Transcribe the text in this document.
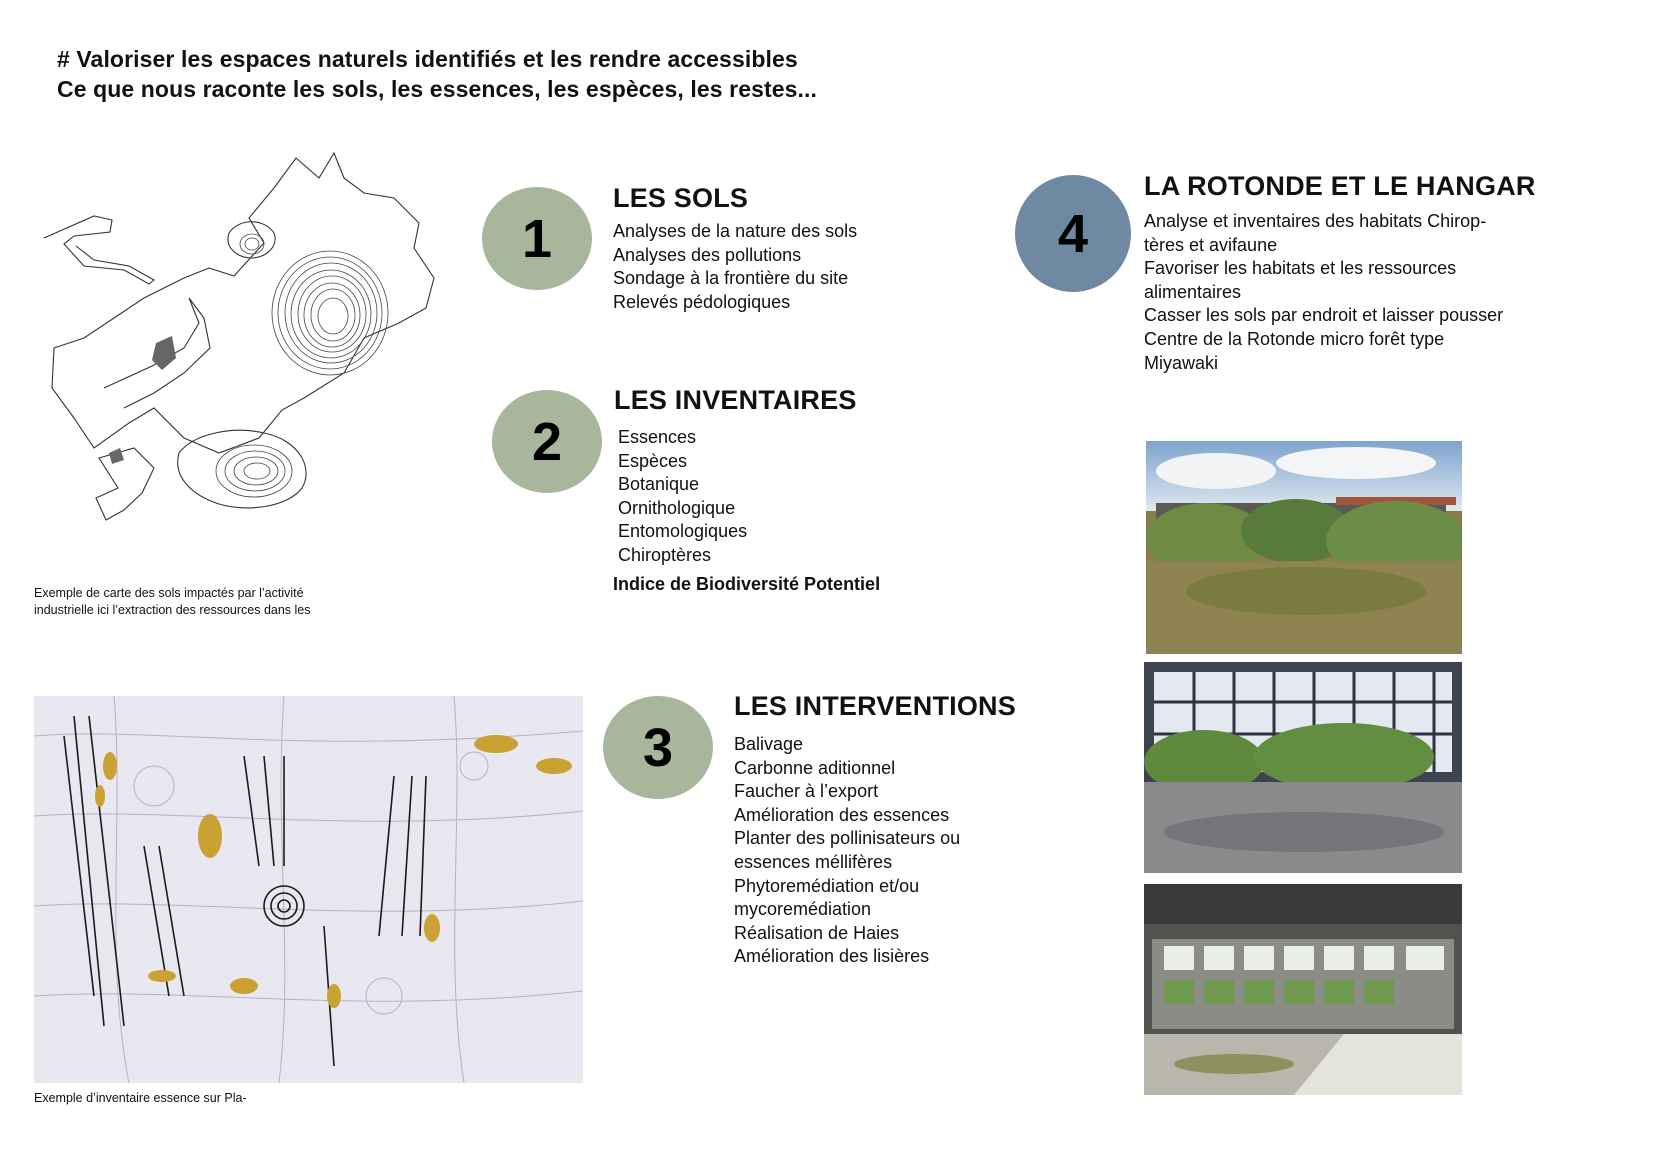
# Valoriser les espaces naturels identifiés et les rendre accessibles
Ce que nous raconte les sols, les essences, les espèces, les restes...
Exemple de carte des sols impactés par l’activité
industrielle ici l’extraction des ressources dans les
1
LES SOLS
Analyses de la nature des sols
Analyses des pollutions
Sondage à la frontière du site
Relevés pédologiques
2
LES INVENTAIRES
Essences
Espèces
Botanique
Ornithologique
Entomologiques
Chiroptères
Indice de Biodiversité Potentiel
Exemple d’inventaire essence sur Pla-
3
LES INTERVENTIONS
Balivage
Carbonne aditionnel
Faucher à l’export
Amélioration des essences
Planter des pollinisateurs ou
essences méllifères
Phytoremédiation et/ou
mycoremédiation
Réalisation de Haies
Amélioration des lisières
4
LA ROTONDE ET LE HANGAR
Analyse et inventaires des habitats Chirop-
tères et avifaune
Favoriser les habitats et les ressources
alimentaires
Casser les sols par endroit et laisser pousser
Centre de la Rotonde micro forêt type
Miyawaki
